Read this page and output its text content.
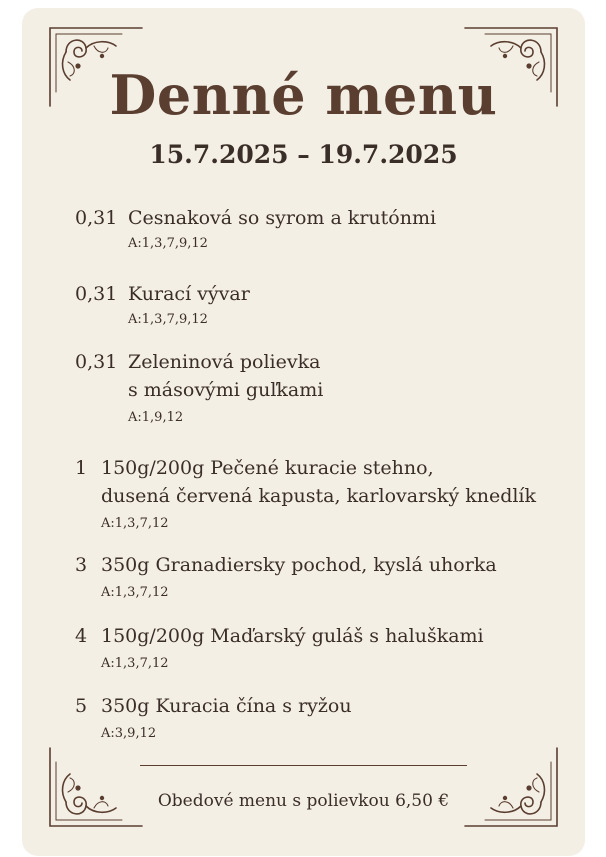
Denné menu
15.7.2025 – 19.7.2025
0,31 Cesnaková so syrom a krutónmi
A:1,3,7,9,12
0,31 Kurací vývar
A:1,3,7,9,12
0,31 Zeleninová polievka
s másovými guľkami
A:1,9,12
1 150g/200g Pečené kuracie stehno,
dusená červená kapusta, karlovarský knedlík
A:1,3,7,12
3 350g Granadiersky pochod, kyslá uhorka
A:1,3,7,12
4 150g/200g Maďarský guláš s haluškami
A:1,3,7,12
5 350g Kuracia čína s ryžou
A:3,9,12
Obedové menu s polievkou 6,50 €
